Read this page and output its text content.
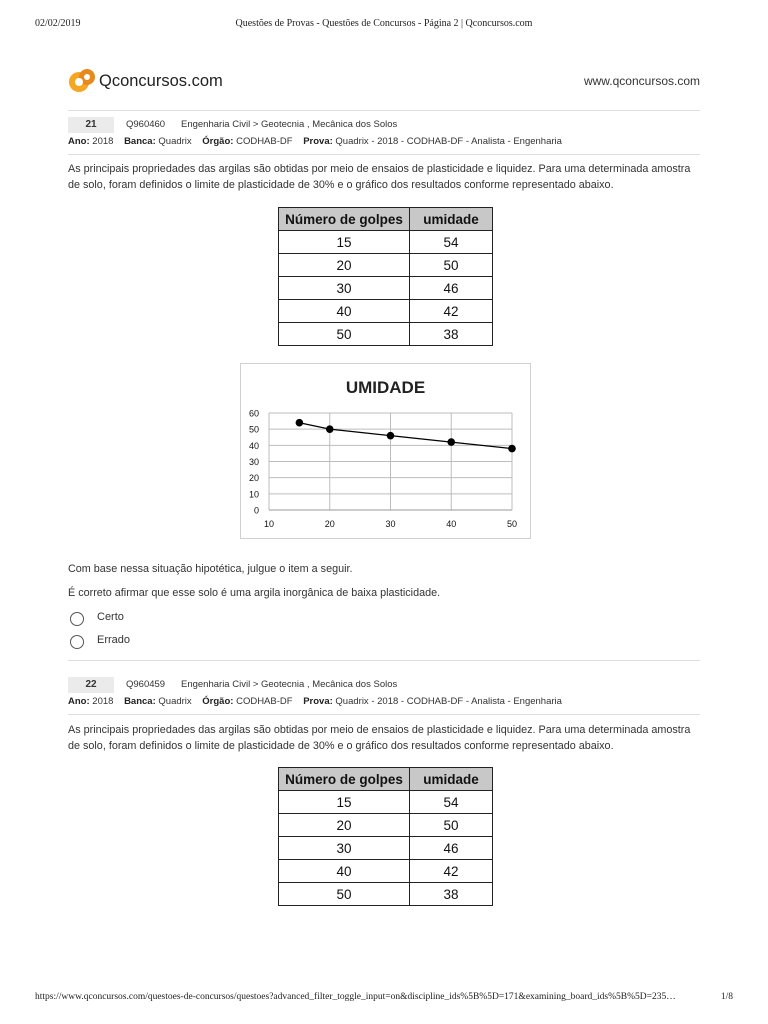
02/02/2019	Questões de Provas - Questões de Concursos - Página 2 | Qconcursos.com
Qconcursos.com	www.qconcursos.com
21	Q960460 Engenharia Civil > Geotecnia , Mecânica dos Solos
Ano: 2018 Banca: Quadrix Órgão: CODHAB-DF Prova: Quadrix - 2018 - CODHAB-DF - Analista - Engenharia
As principais propriedades das argilas são obtidas por meio de ensaios de plasticidade e liquidez. Para uma determinada amostra de solo, foram definidos o limite de plasticidade de 30% e o gráfico dos resultados conforme representado abaixo.
Número de golpes	umidade
15	54
20	50
30	46
40	42
50	38
UMIDADE
0
10
20
30
40
50
60
10	20	30	40	50
Com base nessa situação hipotética, julgue o item a seguir.
É correto afirmar que esse solo é uma argila inorgânica de baixa plasticidade.
Certo
Errado
22	Q960459 Engenharia Civil > Geotecnia , Mecânica dos Solos
Ano: 2018 Banca: Quadrix Órgão: CODHAB-DF Prova: Quadrix - 2018 - CODHAB-DF - Analista - Engenharia
As principais propriedades das argilas são obtidas por meio de ensaios de plasticidade e liquidez. Para uma determinada amostra de solo, foram definidos o limite de plasticidade de 30% e o gráfico dos resultados conforme representado abaixo.
Número de golpes	umidade
15	54
20	50
30	46
40	42
50	38
https://www.qconcursos.com/questoes-de-concursos/questoes?advanced_filter_toggle_input=on&discipline_ids%5B%5D=171&examining_board_ids%5B%5D=235…	1/8
